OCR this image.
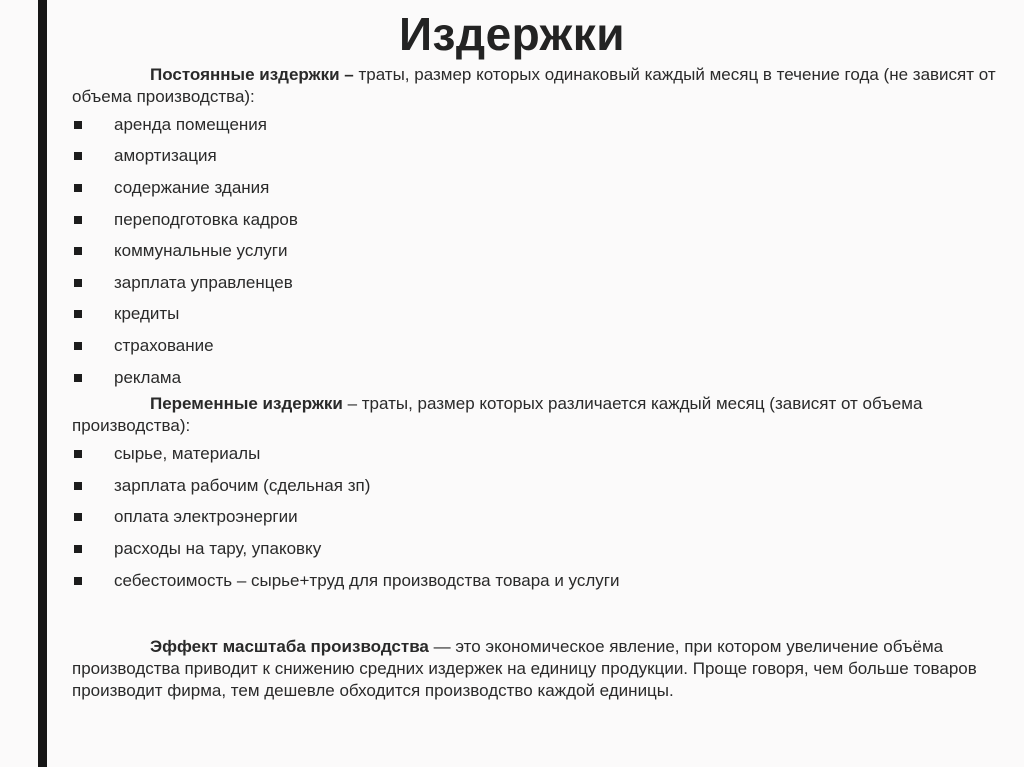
Издержки

Постоянные издержки – траты, размер которых одинаковый каждый месяц в течение года (не зависят от объема производства):

аренда помещения
амортизация
содержание здания
переподготовка кадров
коммунальные услуги
зарплата управленцев
кредиты
страхование
реклама

Переменные издержки – траты, размер которых различается каждый месяц (зависят от объема производства):

сырье, материалы
зарплата рабочим (сдельная зп)
оплата электроэнергии
расходы на тару, упаковку
себестоимость – сырье+труд для производства товара и услуги

Эффект масштаба производства — это экономическое явление, при котором увеличение объёма производства приводит к снижению средних издержек на единицу продукции. Проще говоря, чем больше товаров производит фирма, тем дешевле обходится производство каждой единицы.
